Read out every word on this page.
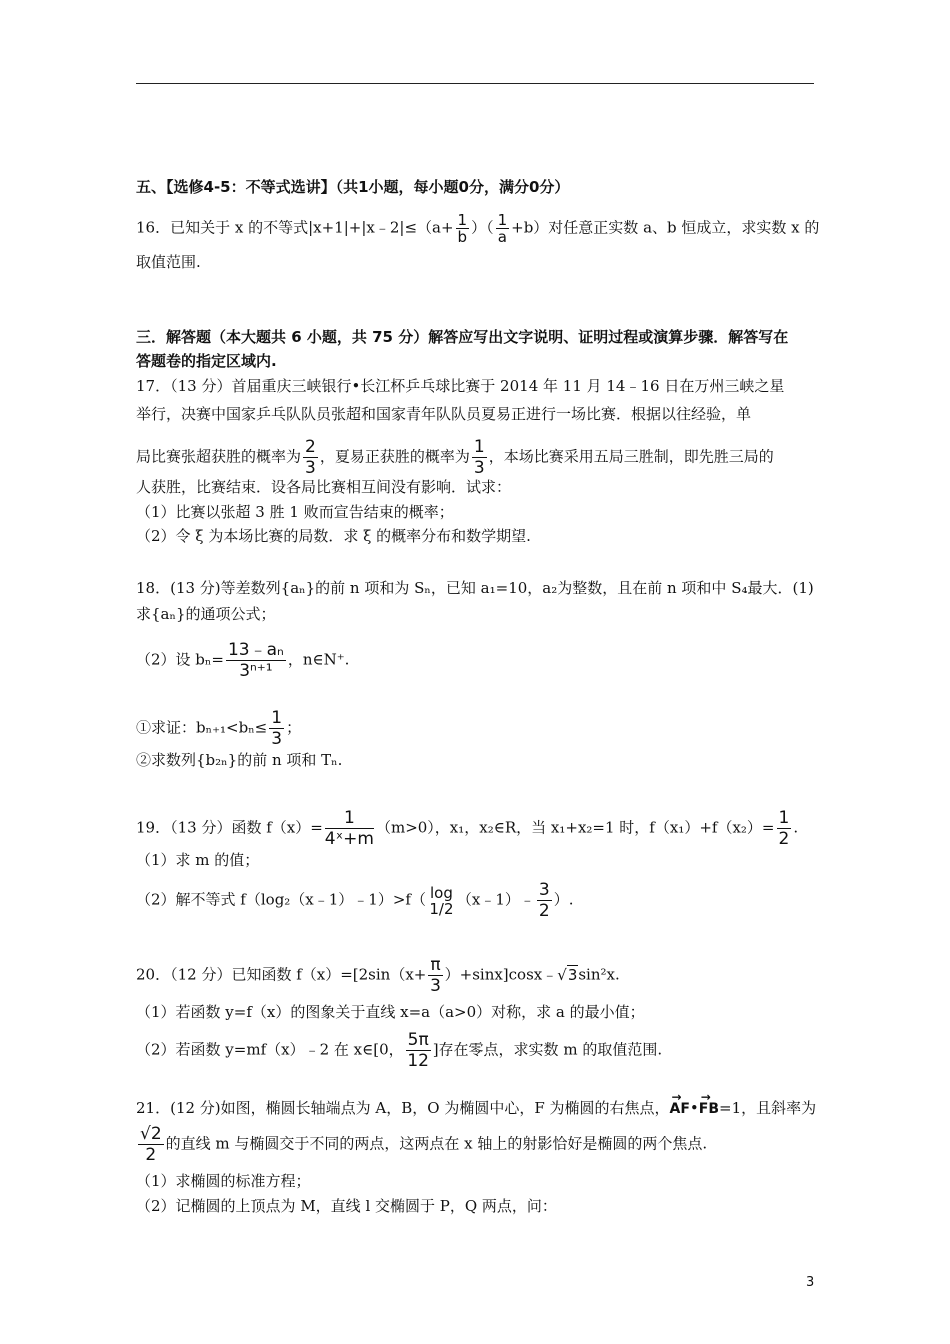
五、【选修4-5：不等式选讲】（共1小题，每小题0分，满分0分）
16．已知关于 x 的不等式|x+1|+|x﹣2|≤（a+ $\frac{1}{b}$ ）（ $\frac{1}{a} +b$）对任意正实数 a、b 恒成立，求实数 x 的
取值范围.
三．解答题（本大题共 6 小题，共 75 分）解答应写出文字说明、证明过程或演算步骤．解答写在
答题卷的指定区域内.
17．（13 分）首届重庆三峡银行•长江杯乒乓球比赛于 2014 年 11 月 14﹣16 日在万州三峡之星
举行，决赛中国家乒乓队队员张超和国家青年队队员夏易正进行一场比赛．根据以往经验，单
局比赛张超获胜的概率为 $\frac{2}{3}$ ，夏易正获胜的概率为 $\frac{1}{3}$ ，本场比赛采用五局三胜制，即先胜三局的
人获胜，比赛结束．设各局比赛相互间没有影响．试求：
（1）比赛以张超 3 胜 1 败而宣告结束的概率；
（2）令 ξ 为本场比赛的局数．求 ξ 的概率分布和数学期望.
18．(13 分)等差数列{aₙ}的前 n 项和为 Sₙ，已知 a₁=10，a₂为整数，且在前 n 项和中 S₄最大．(1)
求{aₙ}的通项公式；
（2）设 $b_n= \frac{\text{13﹣aₙ}}{\text{3ⁿ⁺¹}}$ ，n∈N⁺.
①求证：$b_{n+1}<b_n\le \frac{1}{3}$ ；
②求数列{b₂ₙ}的前 n 项和 Tₙ.
19．（13 分）函数 $f(x)= \frac{1}{\text{4ˣ+m}} (m>0)$，x₁，x₂∈R，当 x₁+x₂=1 时，$f(x_1)+f(x_2)= \frac{1}{2}$ .
（1）求 m 的值；
（2）解不等式 f（log₂（x﹣1）﹣1）>f（ log
1/2 （x﹣1）﹣ $\frac{3}{2}$ ）.
20．（12 分）已知函数 $f(x)=[2\sin(x+ \frac{\pi}{3}$ ）+sinx]cosx﹣√3sin²x.
（1）若函数 y=f（x）的图象关于直线 x=a（a>0）对称，求 a 的最小值；
（2）若函数 y=mf（x）﹣2 在 x∈[0， $\frac{5\pi}{12}$ ]存在零点，求实数 m 的取值范围.
21．(12 分)如图，椭圆长轴端点为 A，B，O 为椭圆中心，F 为椭圆的右焦点，→ AF•→ FB=1，且斜率为
$\frac{√2}{2}$ 的直线 m 与椭圆交于不同的两点，这两点在 x 轴上的射影恰好是椭圆的两个焦点.
（1）求椭圆的标准方程；
（2）记椭圆的上顶点为 M，直线 l 交椭圆于 P，Q 两点，问：
3
